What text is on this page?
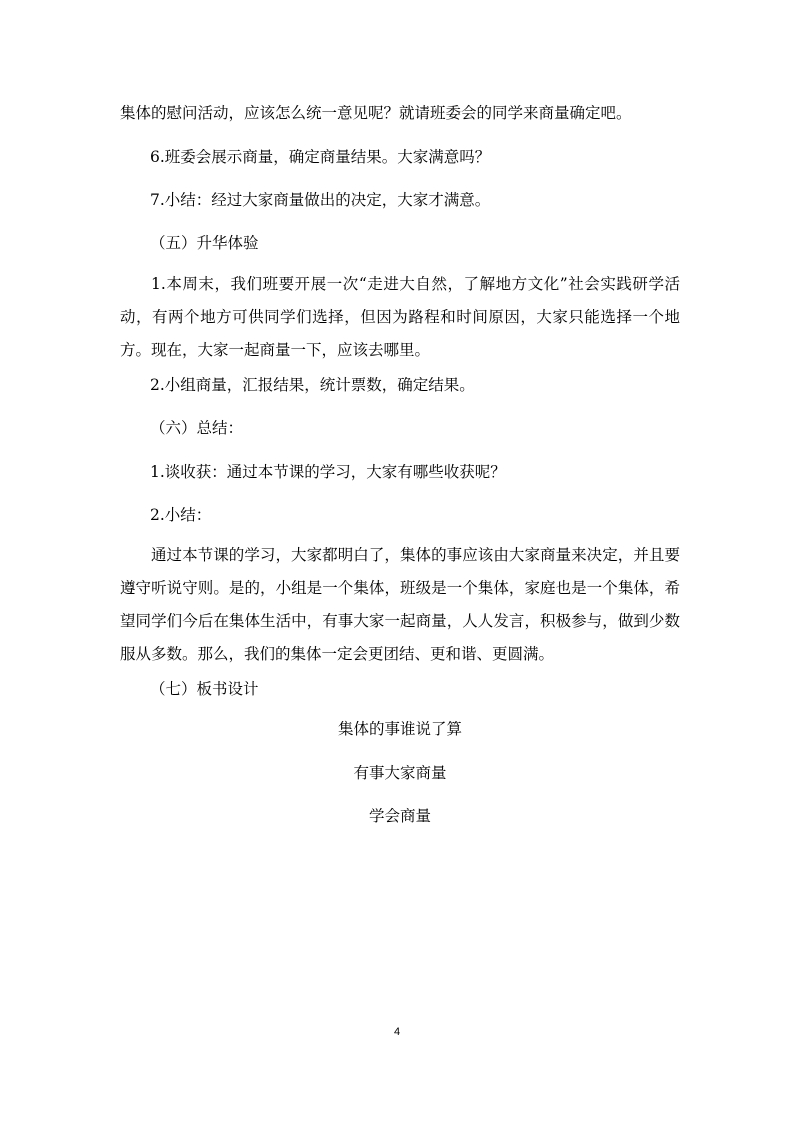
集体的慰问活动，应该怎么统一意见呢？就请班委会的同学来商量确定吧。
6.班委会展示商量，确定商量结果。大家满意吗？
7.小结：经过大家商量做出的决定，大家才满意。
（五）升华体验
1.本周末，我们班要开展一次“走进大自然，了解地方文化”社会实践研学活动，有两个地方可供同学们选择，但因为路程和时间原因，大家只能选择一个地方。现在，大家一起商量一下，应该去哪里。
2.小组商量，汇报结果，统计票数，确定结果。
（六）总结：
1.谈收获：通过本节课的学习，大家有哪些收获呢？
2.小结：
通过本节课的学习，大家都明白了，集体的事应该由大家商量来决定，并且要遵守听说守则。是的，小组是一个集体，班级是一个集体，家庭也是一个集体，希望同学们今后在集体生活中，有事大家一起商量，人人发言，积极参与，做到少数服从多数。那么，我们的集体一定会更团结、更和谐、更圆满。
（七）板书设计
集体的事谁说了算
有事大家商量
学会商量
4
